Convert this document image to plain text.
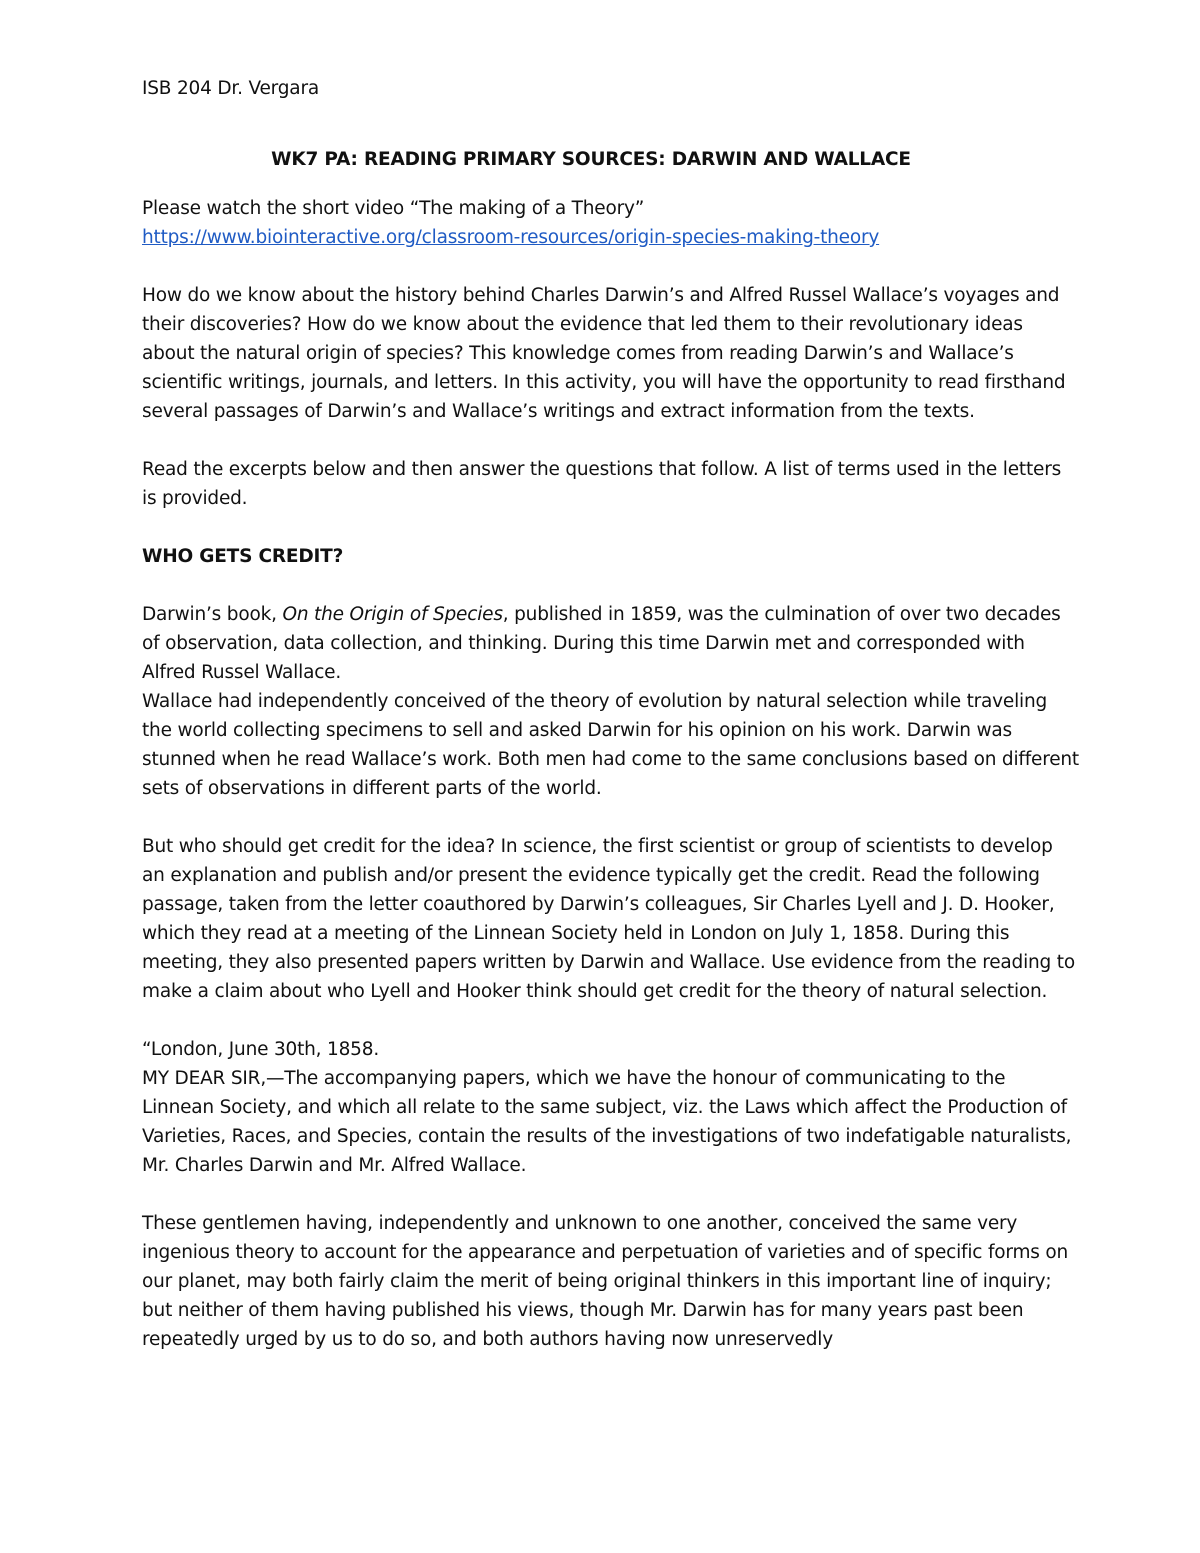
ISB 204 Dr. Vergara

WK7 PA: READING PRIMARY SOURCES: DARWIN AND WALLACE

Please watch the short video “The making of a Theory”

https://www.biointeractive.org/classroom-resources/origin-species-making-theory

How do we know about the history behind Charles Darwin’s and Alfred Russel Wallace’s voyages and their discoveries? How do we know about the evidence that led them to their revolutionary ideas about the natural origin of species? This knowledge comes from reading Darwin’s and Wallace’s scientific writings, journals, and letters. In this activity, you will have the opportunity to read firsthand several passages of Darwin’s and Wallace’s writings and extract information from the texts.

Read the excerpts below and then answer the questions that follow. A list of terms used in the letters is provided.

WHO GETS CREDIT?

Darwin’s book, On the Origin of Species, published in 1859, was the culmination of over two decades of observation, data collection, and thinking. During this time Darwin met and corresponded with Alfred Russel Wallace.

Wallace had independently conceived of the theory of evolution by natural selection while traveling the world collecting specimens to sell and asked Darwin for his opinion on his work. Darwin was stunned when he read Wallace’s work. Both men had come to the same conclusions based on different sets of observations in different parts of the world.

But who should get credit for the idea? In science, the first scientist or group of scientists to develop an explanation and publish and/or present the evidence typically get the credit. Read the following passage, taken from the letter coauthored by Darwin’s colleagues, Sir Charles Lyell and J. D. Hooker, which they read at a meeting of the Linnean Society held in London on July 1, 1858. During this meeting, they also presented papers written by Darwin and Wallace. Use evidence from the reading to make a claim about who Lyell and Hooker think should get credit for the theory of natural selection.

“London, June 30th, 1858.

MY DEAR SIR,—The accompanying papers, which we have the honour of communicating to the Linnean Society, and which all relate to the same subject, viz. the Laws which affect the Production of Varieties, Races, and Species, contain the results of the investigations of two indefatigable naturalists, Mr. Charles Darwin and Mr. Alfred Wallace.

These gentlemen having, independently and unknown to one another, conceived the same very ingenious theory to account for the appearance and perpetuation of varieties and of specific forms on our planet, may both fairly claim the merit of being original thinkers in this important line of inquiry; but neither of them having published his views, though Mr. Darwin has for many years past been repeatedly urged by us to do so, and both authors having now unreservedly
